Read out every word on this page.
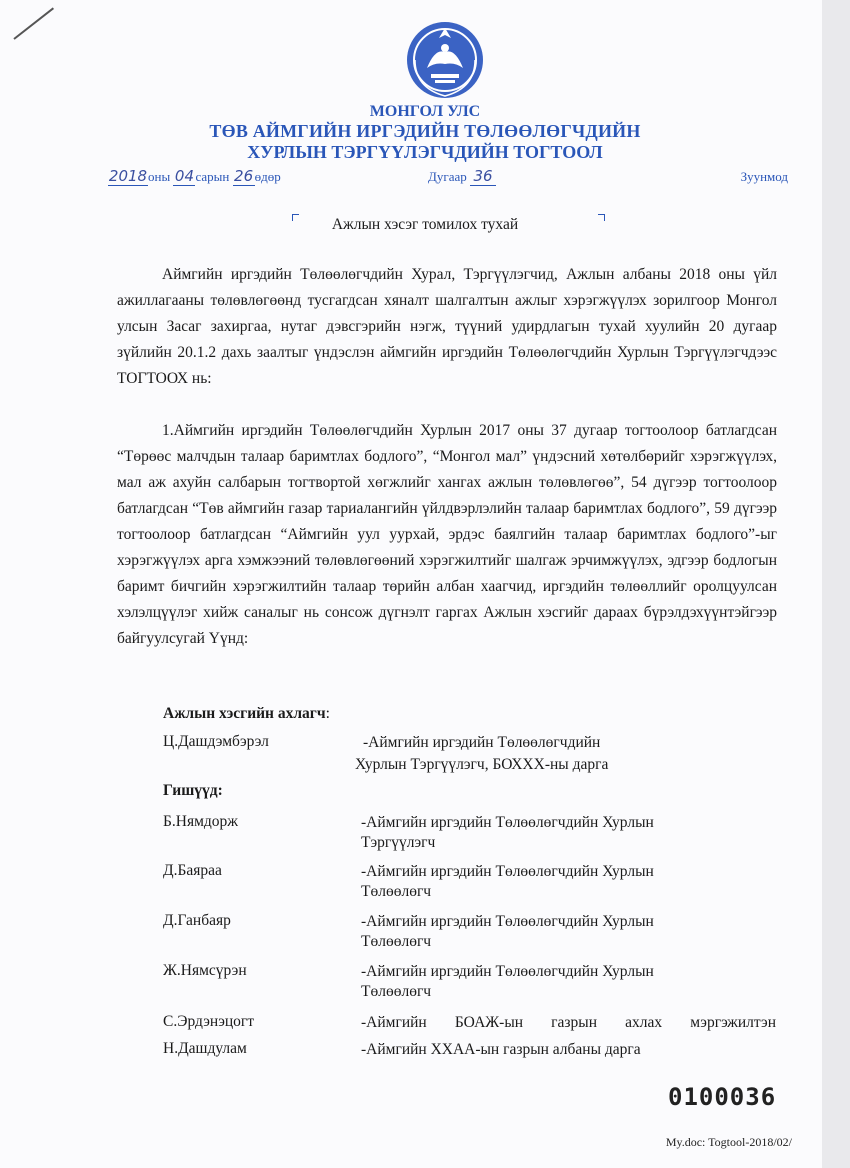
МОНГОЛ УЛС
ТӨВ АЙМГИЙН ИРГЭДИЙН ТӨЛӨӨЛӨГЧДИЙН
ХУРЛЫН ТЭРГҮҮЛЭГЧДИЙН ТОГТООЛ
2018оны 04сарын 26өдөр	Дугаар 36	Зуунмод
Ажлын хэсэг томилох тухай
Аймгийн иргэдийн Төлөөлөгчдийн Хурал, Тэргүүлэгчид, Ажлын албаны 2018 оны үйл ажиллагааны төлөвлөгөөнд тусгагдсан хяналт шалгалтын ажлыг хэрэгжүүлэх зорилгоор Монгол улсын Засаг захиргаа, нутаг дэвсгэрийн нэгж, түүний удирдлагын тухай хуулийн 20 дугаар зүйлийн 20.1.2 дахь заалтыг үндэслэн аймгийн иргэдийн Төлөөлөгчдийн Хурлын Тэргүүлэгчдээс ТОГТООХ нь:
1.Аймгийн иргэдийн Төлөөлөгчдийн Хурлын 2017 оны 37 дугаар тогтоолоор батлагдсан “Төрөөс малчдын талаар баримтлах бодлого”, “Монгол мал” үндэсний хөтөлбөрийг хэрэгжүүлэх, мал аж ахуйн салбарын тогтвортой хөгжлийг хангах ажлын төлөвлөгөө”, 54 дүгээр тогтоолоор батлагдсан “Төв аймгийн газар тариалангийн үйлдвэрлэлийн талаар баримтлах бодлого”, 59 дүгээр тогтоолоор батлагдсан “Аймгийн уул уурхай, эрдэс баялгийн талаар баримтлах бодлого”-ыг хэрэгжүүлэх арга хэмжээний төлөвлөгөөний хэрэгжилтийг шалгаж эрчимжүүлэх, эдгээр бодлогын баримт бичгийн хэрэгжилтийн талаар төрийн албан хаагчид, иргэдийн төлөөллийг оролцуулсан хэлэлцүүлэг хийж саналыг нь сонсож дүгнэлт гаргах Ажлын хэсгийг дараах бүрэлдэхүүнтэйгээр байгуулсугай Үүнд:
Ажлын хэсгийн ахлагч:
Ц.Дашдэмбэрэл	-Аймгийн иргэдийн Төлөөлөгчдийн
Хурлын Тэргүүлэгч, БОХХХ-ны дарга
Гишүүд:
Б.Нямдорж	-Аймгийн иргэдийн Төлөөлөгчдийн Хурлын
Тэргүүлэгч
Д.Баяраа	-Аймгийн иргэдийн Төлөөлөгчдийн Хурлын
Төлөөлөгч
Д.Ганбаяр	-Аймгийн иргэдийн Төлөөлөгчдийн Хурлын
Төлөөлөгч
Ж.Нямсүрэн	-Аймгийн иргэдийн Төлөөлөгчдийн Хурлын
Төлөөлөгч
С.Эрдэнэцогт	-Аймгийн БОАЖ-ын газрын ахлах мэргэжилтэн
Н.Дашдулам	-Аймгийн ХХАА-ын газрын албаны дарга
0100036
My.doc: Togtool-2018/02/
